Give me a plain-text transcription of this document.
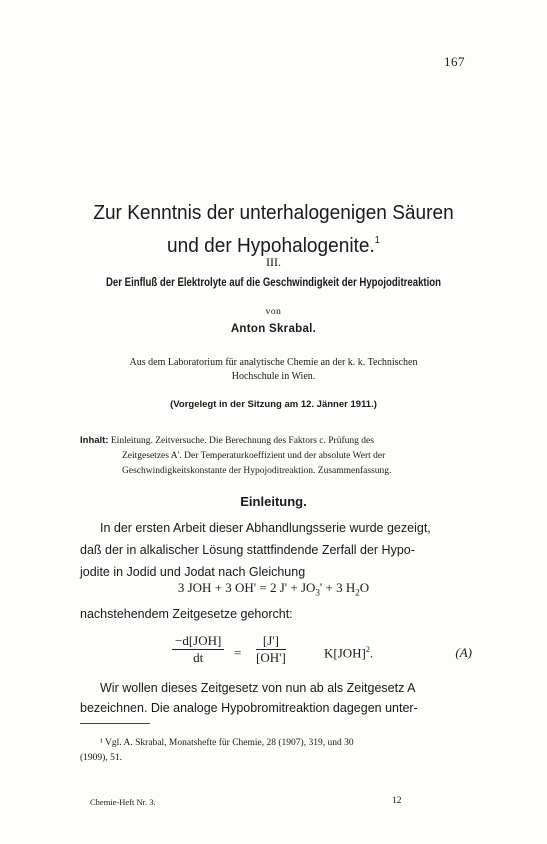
167
Zur Kenntnis der unterhalogenigen Säuren
und der Hypohalogenite.$^1$
III.
Der Einfluß der Elektrolyte auf die Geschwindigkeit der Hypojoditreaktion
von
Anton Skrabal.
Aus dem Laboratorium für analytische Chemie an der k. k. Technischen
Hochschule in Wien.
(Vorgelegt in der Sitzung am 12. Jänner 1911.)
Inhalt: Einleitung. Zeitversuche. Die Berechnung des Faktors c. Prüfung des
Zeitgesetzes A'. Der Temperaturkoeffizient und der absolute Wert der
Geschwindigkeitskonstante der Hypojoditreaktion. Zusammenfassung.
Einleitung.
In der ersten Arbeit dieser Abhandlungsserie wurde gezeigt,
daß der in alkalischer Lösung stattfindende Zerfall der Hypo-
jodite in Jodid und Jodat nach Gleichung
3 JOH + 3 OH' = 2 $J' + JO_3' + 3$ $H_2O$
nachstehendem Zeitgesetze gehorcht:
−d[JOH]
dt	= $\frac{[J']}{[OH']}$	K[JOH]$^2$.	(A)
Wir wollen dieses Zeitgesetz von nun ab als Zeitgesetz A
bezeichnen. Die analoge Hypobromitreaktion dagegen unter-
¹ Vgl. A. Skrabal, Monatshefte für Chemie, 28 (1907), 319, und 30
(1909), 51.
Chemie-Heft Nr. 3.	12
